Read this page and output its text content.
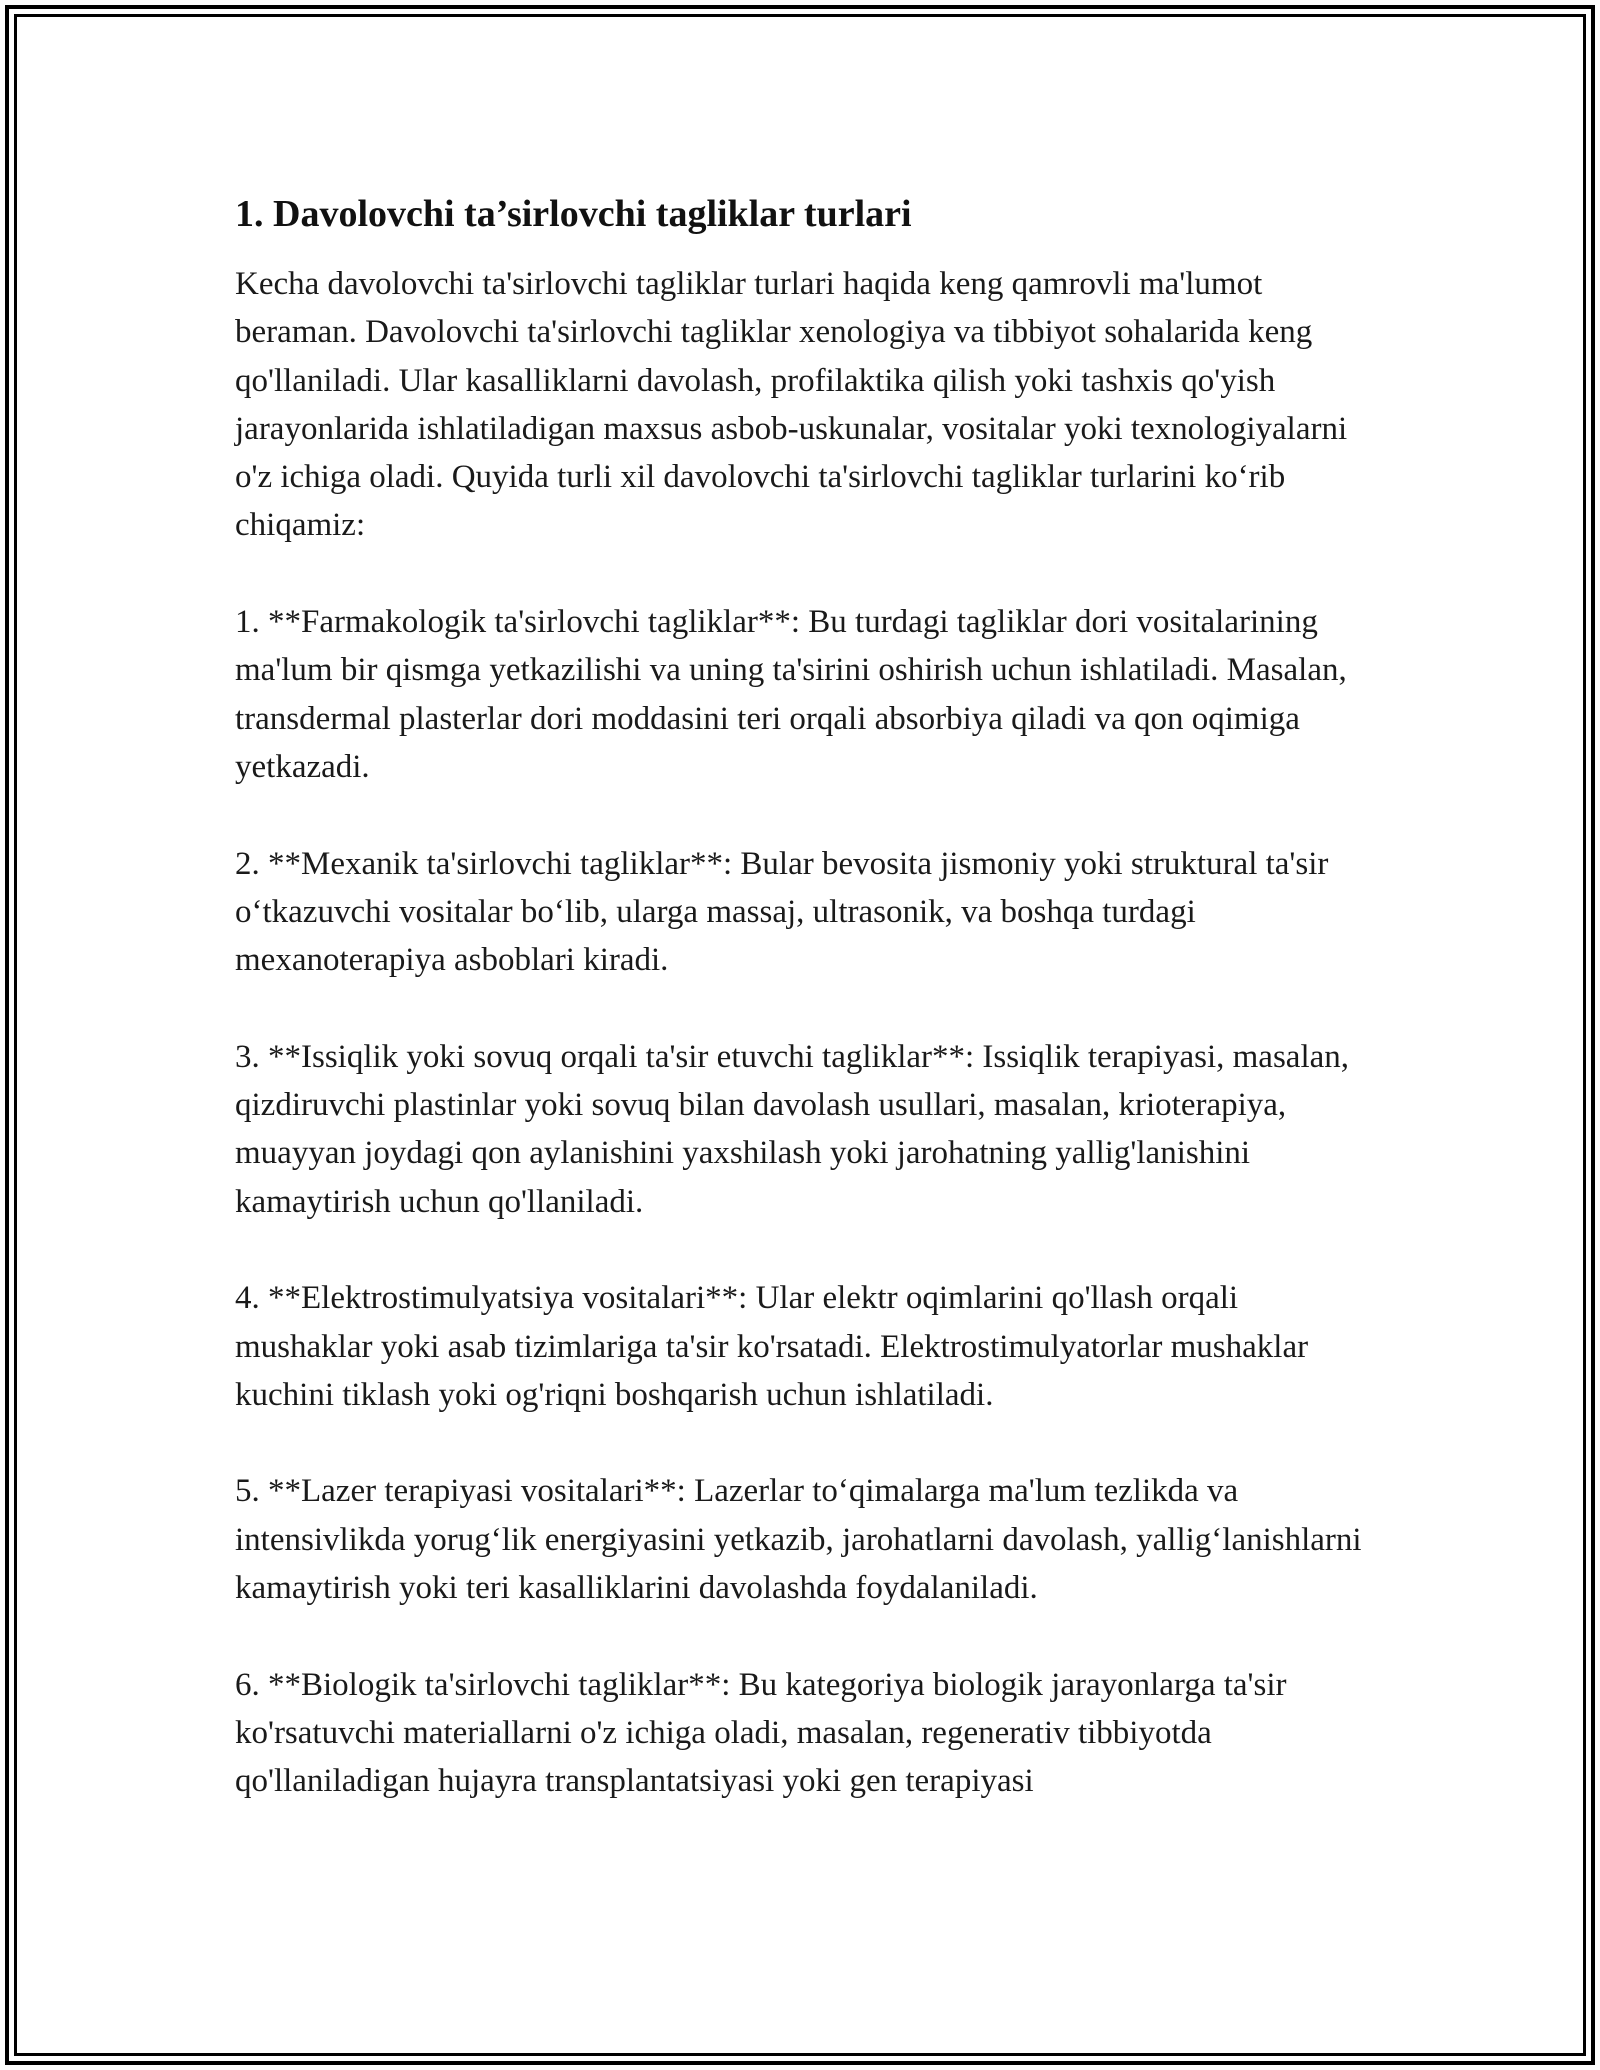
1. Davolovchi ta’sirlovchi tagliklar turlari

Kecha davolovchi ta'sirlovchi tagliklar turlari haqida keng qamrovli ma'lumot beraman. Davolovchi ta'sirlovchi tagliklar xenologiya va tibbiyot sohalarida keng qo'llaniladi. Ular kasalliklarni davolash, profilaktika qilish yoki tashxis qo'yish jarayonlarida ishlatiladigan maxsus asbob-uskunalar, vositalar yoki texnologiyalarni o'z ichiga oladi. Quyida turli xil davolovchi ta'sirlovchi tagliklar turlarini ko‘rib chiqamiz:

1. **Farmakologik ta'sirlovchi tagliklar**: Bu turdagi tagliklar dori vositalarining ma'lum bir qismga yetkazilishi va uning ta'sirini oshirish uchun ishlatiladi. Masalan, transdermal plasterlar dori moddasini teri orqali absorbiya qiladi va qon oqimiga yetkazadi.

2. **Mexanik ta'sirlovchi tagliklar**: Bular bevosita jismoniy yoki struktural ta'sir o‘tkazuvchi vositalar bo‘lib, ularga massaj, ultrasonik, va boshqa turdagi mexanoterapiya asboblari kiradi.

3. **Issiqlik yoki sovuq orqali ta'sir etuvchi tagliklar**: Issiqlik terapiyasi, masalan, qizdiruvchi plastinlar yoki sovuq bilan davolash usullari, masalan, krioterapiya, muayyan joydagi qon aylanishini yaxshilash yoki jarohatning yallig'lanishini kamaytirish uchun qo'llaniladi.

4. **Elektrostimulyatsiya vositalari**: Ular elektr oqimlarini qo'llash orqali mushaklar yoki asab tizimlariga ta'sir ko'rsatadi. Elektrostimulyatorlar mushaklar kuchini tiklash yoki og'riqni boshqarish uchun ishlatiladi.

5. **Lazer terapiyasi vositalari**: Lazerlar to‘qimalarga ma'lum tezlikda va intensivlikda yorug‘lik energiyasini yetkazib, jarohatlarni davolash, yallig‘lanishlarni kamaytirish yoki teri kasalliklarini davolashda foydalaniladi.

6. **Biologik ta'sirlovchi tagliklar**: Bu kategoriya biologik jarayonlarga ta'sir ko'rsatuvchi materiallarni o'z ichiga oladi, masalan, regenerativ tibbiyotda qo'llaniladigan hujayra transplantatsiyasi yoki gen terapiyasi
